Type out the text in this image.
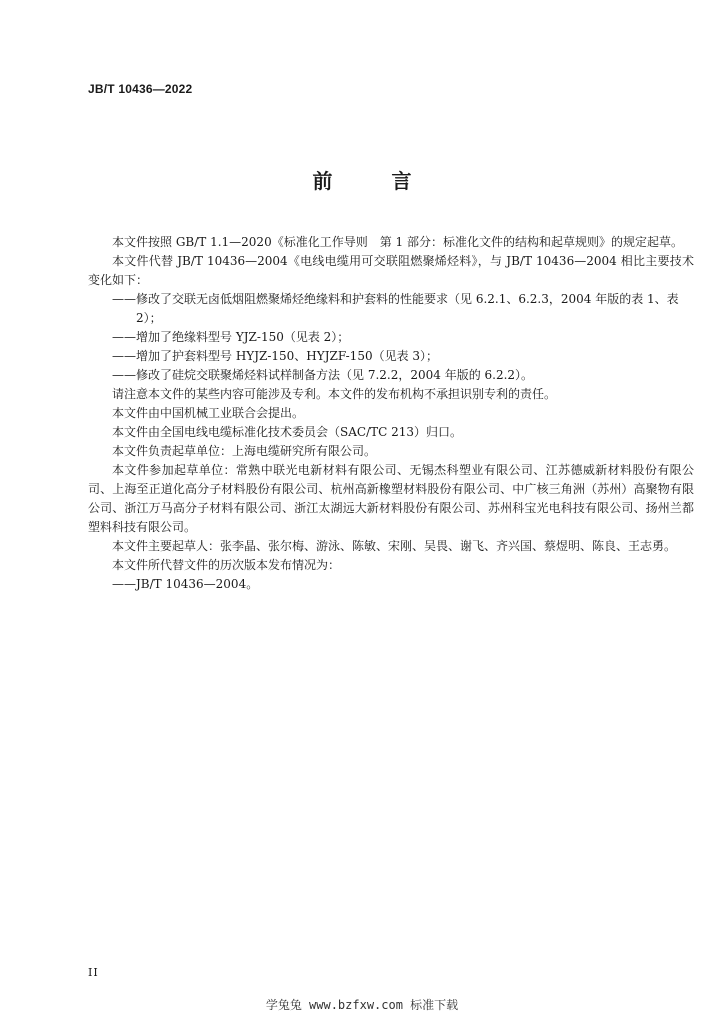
JB/T 10436—2022
前 言

本文件按照 GB/T 1.1—2020《标准化工作导则　第 1 部分：标准化文件的结构和起草规则》的规定起草。

本文件代替 JB/T 10436—2004《电线电缆用可交联阻燃聚烯烃料》，与 JB/T 10436—2004 相比主要技术变化如下：

——修改了交联无卤低烟阻燃聚烯烃绝缘料和护套料的性能要求（见 6.2.1、6.2.3，2004 年版的表 1、表 2）；

——增加了绝缘料型号 YJZ-150（见表 2）；

——增加了护套料型号 HYJZ-150、HYJZF-150（见表 3）；

——修改了硅烷交联聚烯烃料试样制备方法（见 7.2.2，2004 年版的 6.2.2）。

请注意本文件的某些内容可能涉及专利。本文件的发布机构不承担识别专利的责任。

本文件由中国机械工业联合会提出。

本文件由全国电线电缆标准化技术委员会（SAC/TC 213）归口。

本文件负责起草单位：上海电缆研究所有限公司。

本文件参加起草单位：常熟中联光电新材料有限公司、无锡杰科塑业有限公司、江苏德威新材料股份有限公司、上海至正道化高分子材料股份有限公司、杭州高新橡塑材料股份有限公司、中广核三角洲（苏州）高聚物有限公司、浙江万马高分子材料有限公司、浙江太湖远大新材料股份有限公司、苏州科宝光电科技有限公司、扬州兰都塑料科技有限公司。

本文件主要起草人：张李晶、张尔梅、游泳、陈敏、宋刚、吴畏、谢飞、齐兴国、蔡煜明、陈良、王志勇。

本文件所代替文件的历次版本发布情况为：

——JB/T 10436—2004。

II
学兔兔 www.bzfxw.com 标准下载
